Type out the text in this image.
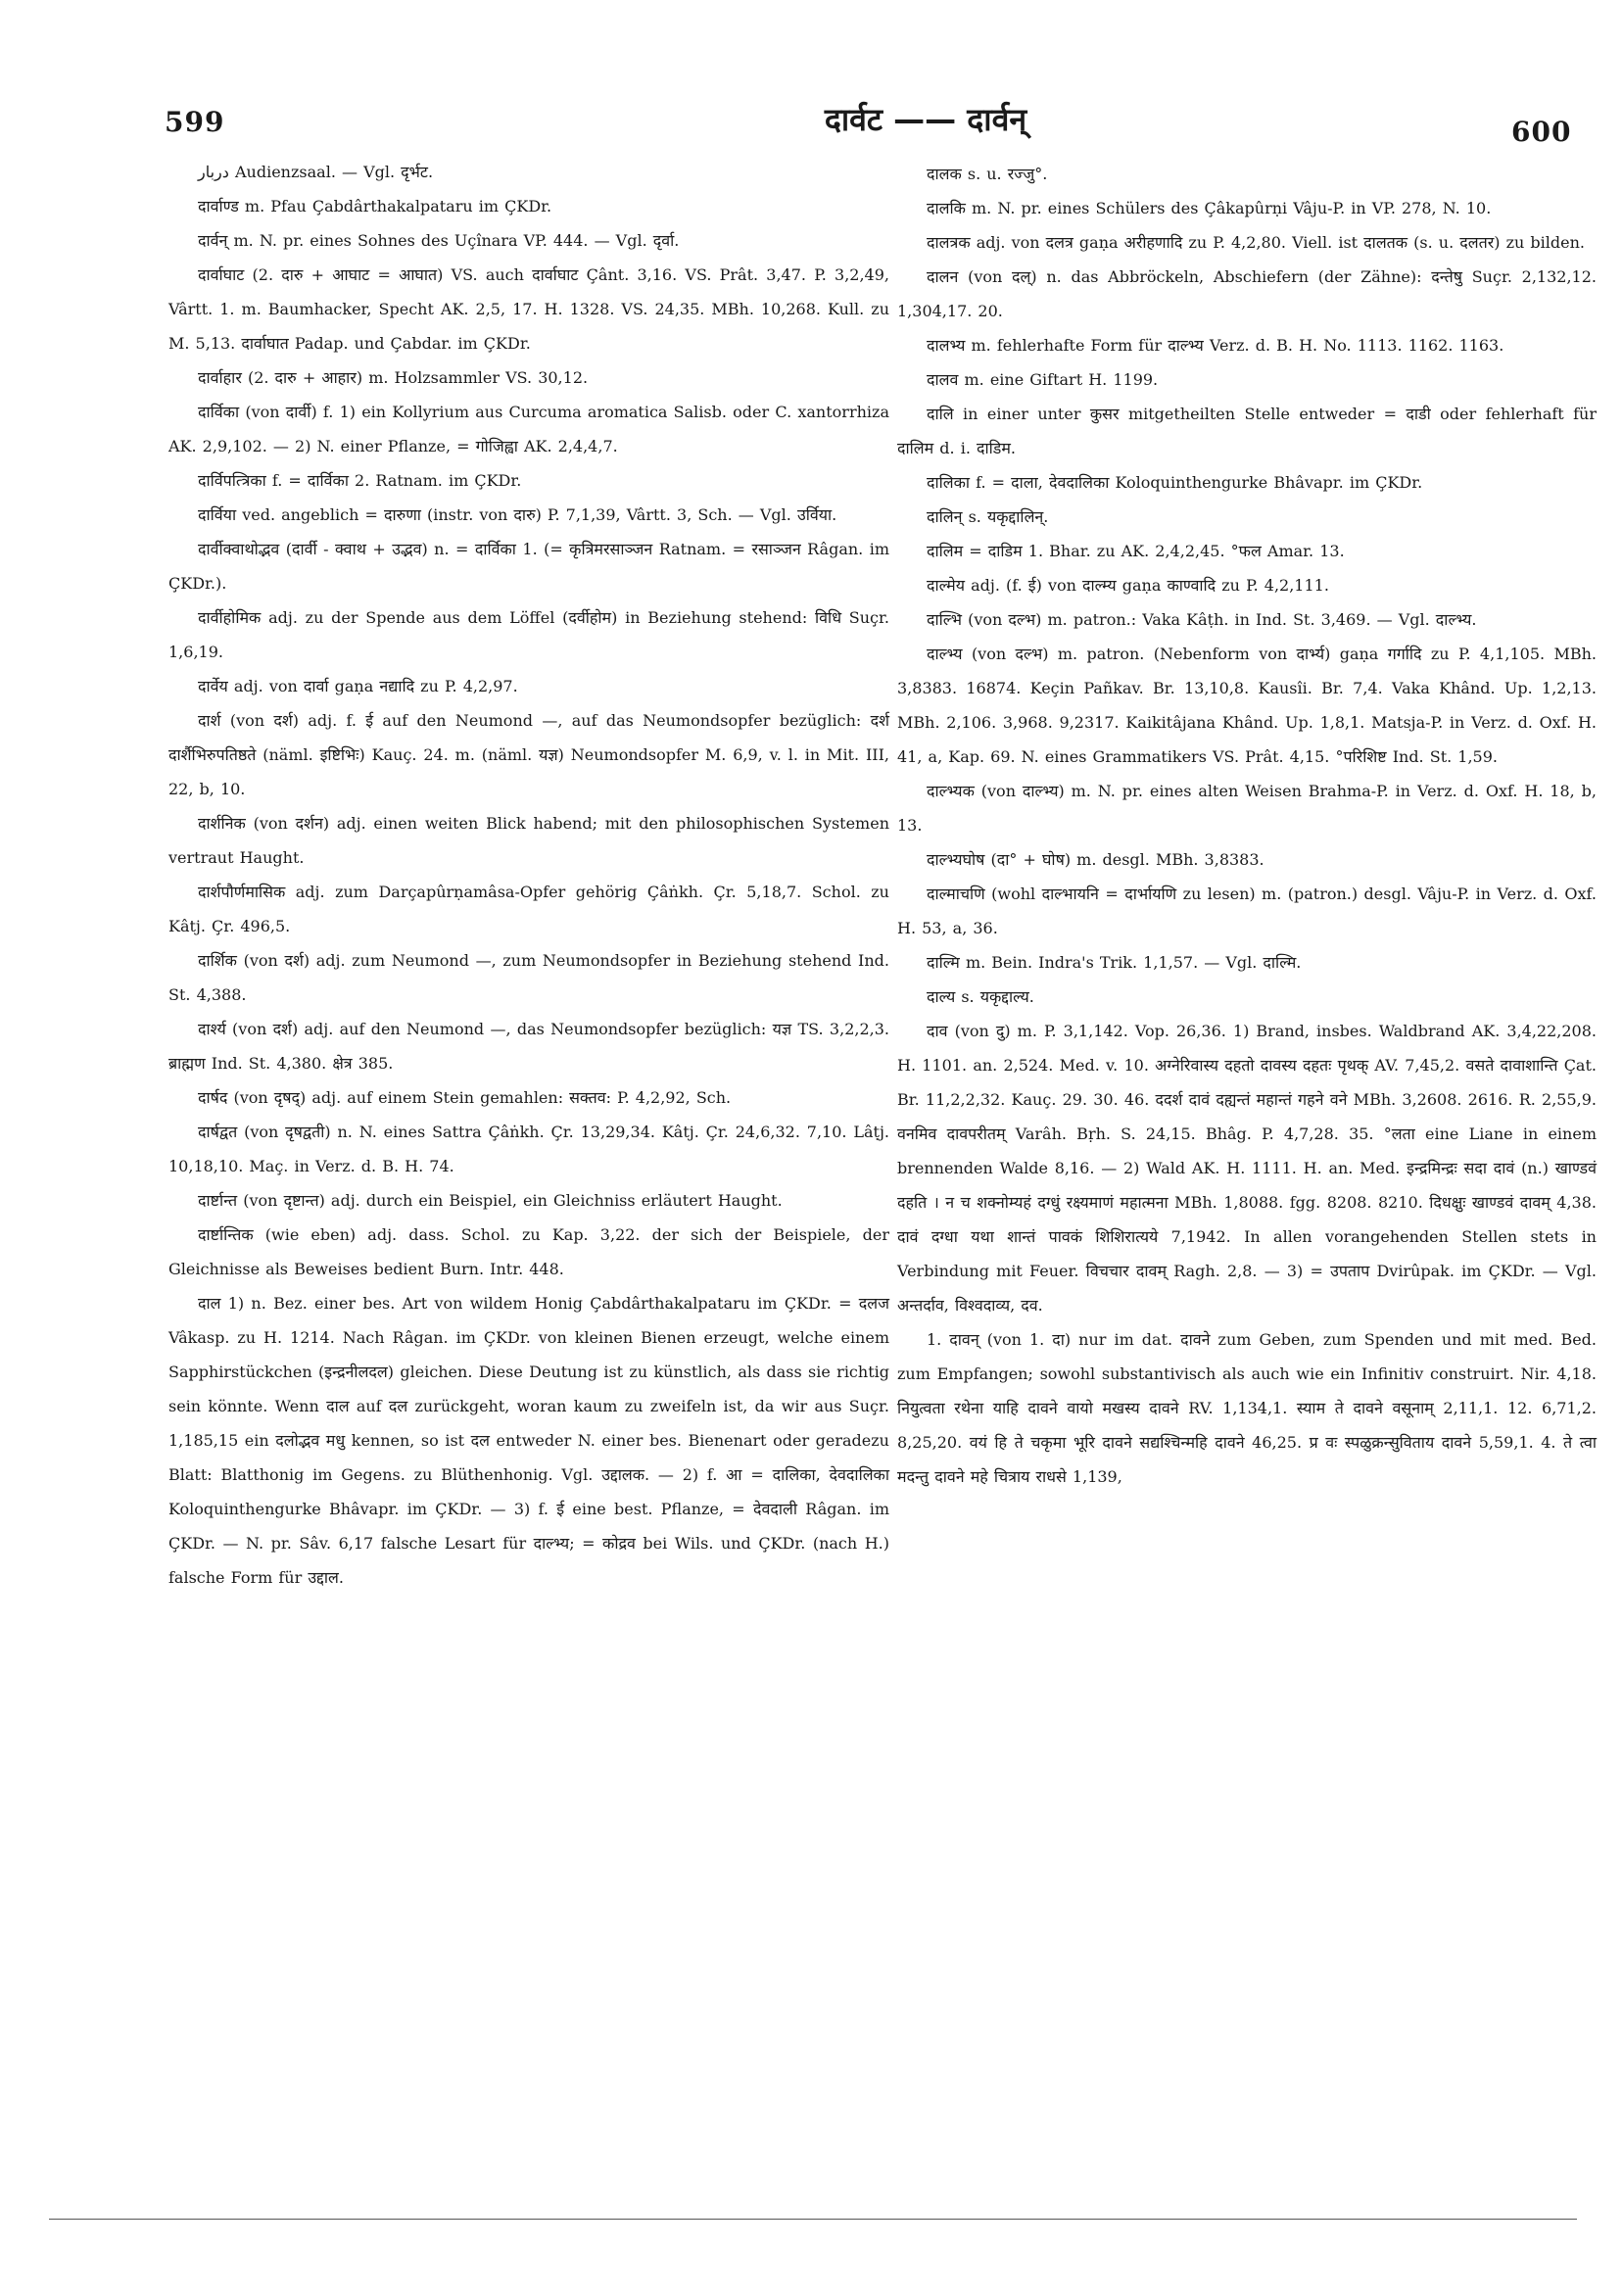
599	दार्वट —— दार्वन्	600

دربار Audienzsaal. — Vgl. दृर्भट.

दार्वाण्ड m. Pfau Çabdârthakalpataru im ÇKDr.

दार्वन् m. N. pr. eines Sohnes des Uçînara VP. 444. — Vgl. दृर्वा.

दार्वाघाट (2. दारु + आघाट = आघात) VS. auch दार्वाघाट Çânt. 3,16. VS. Prât. 3,47. P. 3,2,49, Vârtt. 1. m. Baumhacker, Specht AK. 2,5, 17. H. 1328. VS. 24,35. MBh. 10,268. Kull. zu M. 5,13. दार्वाघात Padap. und Çabdar. im ÇKDr.

दार्वाहार (2. दारु + आहार) m. Holzsammler VS. 30,12.

दार्विका (von दार्वी) f. 1) ein Kollyrium aus Curcuma aromatica Salisb. oder C. xantorrhiza AK. 2,9,102. — 2) N. einer Pflanze, = गोजिह्वा AK. 2,4,4,7.

दार्विपत्त्रिका f. = दार्विका 2. Ratnam. im ÇKDr.

दार्विया ved. angeblich = दारुणा (instr. von दारु) P. 7,1,39, Vârtt. 3, Sch. — Vgl. उर्विया.

दार्वीक्वाथोद्भव (दार्वी - क्वाथ + उद्भव) n. = दार्विका 1. (= कृत्रिमरसाञ्जन Ratnam. = रसाञ्जन Râgan. im ÇKDr.).

दार्वीहोमिक adj. zu der Spende aus dem Löffel (दर्वीहोम) in Beziehung stehend: विधि Suçr. 1,6,19.

दार्वेय adj. von दार्वा gaṇa नद्यादि zu P. 4,2,97.

दार्श (von दर्श) adj. f. ई auf den Neumond —, auf das Neumondsopfer bezüglich: दर्श दार्शैभिरुपतिष्ठते (näml. इष्टिभिः) Kauç. 24. m. (näml. यज्ञ) Neumondsopfer M. 6,9, v. l. in Mit. III, 22, b, 10.

दार्शनिक (von दर्शन) adj. einen weiten Blick habend; mit den philosophischen Systemen vertraut Haught.

दार्शपौर्णमासिक adj. zum Darçapûrṇamâsa-Opfer gehörig Çâṅkh. Çr. 5,18,7. Schol. zu Kâtj. Çr. 496,5.

दार्शिक (von दर्श) adj. zum Neumond —, zum Neumondsopfer in Beziehung stehend Ind. St. 4,388.

दार्श्य (von दर्श) adj. auf den Neumond —, das Neumondsopfer bezüglich: यज्ञ TS. 3,2,2,3. ब्राह्मण Ind. St. 4,380. क्षेत्र 385.

दार्षद (von दृषद्) adj. auf einem Stein gemahlen: सक्तव: P. 4,2,92, Sch.

दार्षद्वत (von दृषद्वती) n. N. eines Sattra Çâṅkh. Çr. 13,29,34. Kâtj. Çr. 24,6,32. 7,10. Lâṭj. 10,18,10. Maç. in Verz. d. B. H. 74.

दार्ष्टान्त (von दृष्टान्त) adj. durch ein Beispiel, ein Gleichniss erläutert Haught.

दार्ष्टान्तिक (wie eben) adj. dass. Schol. zu Kap. 3,22. der sich der Beispiele, der Gleichnisse als Beweises bedient Burn. Intr. 448.

दाल 1) n. Bez. einer bes. Art von wildem Honig Çabdârthakalpataru im ÇKDr. = दलज Vâkasp. zu H. 1214. Nach Râgan. im ÇKDr. von kleinen Bienen erzeugt, welche einem Sapphirstückchen (इन्द्रनीलदल) gleichen. Diese Deutung ist zu künstlich, als dass sie richtig sein könnte. Wenn दाल auf दल zurückgeht, woran kaum zu zweifeln ist, da wir aus Suçr. 1,185,15 ein दलोद्भव मधु kennen, so ist दल entweder N. einer bes. Bienenart oder geradezu Blatt: Blatthonig im Gegens. zu Blüthenhonig. Vgl. उद्दालक. — 2) f. आ = दालिका, देवदालिका Koloquinthengurke Bhâvapr. im ÇKDr. — 3) f. ई eine best. Pflanze, = देवदाली Râgan. im ÇKDr. — N. pr. Sâv. 6,17 falsche Lesart für दाल्भ्य; = कोद्रव bei Wils. und ÇKDr. (nach H.) falsche Form für उद्दाल.

दालक s. u. रज्जु°.

दालकि m. N. pr. eines Schülers des Çâkapûrṇi Vâju-P. in VP. 278, N. 10.

दालत्रक adj. von दलत्र gaṇa अरीहणादि zu P. 4,2,80. Viell. ist दालतक (s. u. दलतर) zu bilden.

दालन (von दल्) n. das Abbröckeln, Abschiefern (der Zähne): दन्तेषु Suçr. 2,132,12. 1,304,17. 20.

दालभ्य m. fehlerhafte Form für दाल्भ्य Verz. d. B. H. No. 1113. 1162. 1163.

दालव m. eine Giftart H. 1199.

दालि in einer unter कुसर mitgetheilten Stelle entweder = दाडी oder fehlerhaft für दालिम d. i. दाडिम.

दालिका f. = दाला, देवदालिका Koloquinthengurke Bhâvapr. im ÇKDr.

दालिन् s. यकृद्दालिन्.

दालिम = दाडिम 1. Bhar. zu AK. 2,4,2,45. °फल Amar. 13.

दाल्मेय adj. (f. ई) von दाल्म्य gaṇa काण्वादि zu P. 4,2,111.

दाल्भि (von दल्भ) m. patron.: Vaka Kâṭh. in Ind. St. 3,469. — Vgl. दाल्भ्य.

दाल्भ्य (von दल्भ) m. patron. (Nebenform von दार्भ्य) gaṇa गर्गादि zu P. 4,1,105. MBh. 3,8383. 16874. Keçin Pañkav. Br. 13,10,8. Kausîi. Br. 7,4. Vaka Khând. Up. 1,2,13. MBh. 2,106. 3,968. 9,2317. Kaikitâjana Khând. Up. 1,8,1. Matsja-P. in Verz. d. Oxf. H. 41, a, Kap. 69. N. eines Grammatikers VS. Prât. 4,15. °परिशिष्ट Ind. St. 1,59.

दाल्भ्यक (von दाल्भ्य) m. N. pr. eines alten Weisen Brahma-P. in Verz. d. Oxf. H. 18, b, 13.

दाल्भ्यघोष (दा° + घोष) m. desgl. MBh. 3,8383.

दाल्माचणि (wohl दाल्भायनि = दार्भायणि zu lesen) m. (patron.) desgl. Vâju-P. in Verz. d. Oxf. H. 53, a, 36.

दाल्मि m. Bein. Indra's Trik. 1,1,57. — Vgl. दाल्मि.

दाल्य s. यकृद्दाल्य.

दाव (von दु) m. P. 3,1,142. Vop. 26,36. 1) Brand, insbes. Waldbrand AK. 3,4,22,208. H. 1101. an. 2,524. Med. v. 10. अग्नेरिवास्य दहतो दावस्य दहतः पृथक् AV. 7,45,2. वसते दावाशान्ति Çat. Br. 11,2,2,32. Kauç. 29. 30. 46. ददर्श दावं दह्यन्तं महान्तं गहने वने MBh. 3,2608. 2616. R. 2,55,9. वनमिव दावपरीतम् Varâh. Bṛh. S. 24,15. Bhâg. P. 4,7,28. 35. °लता eine Liane in einem brennenden Walde 8,16. — 2) Wald AK. H. 1111. H. an. Med. इन्द्रमिन्द्रः सदा दावं (n.) खाण्डवं दहति । न च शक्नोम्यहं दग्धुं रक्ष्यमाणं महात्मना MBh. 1,8088. fgg. 8208. 8210. दिधक्षुः खाण्डवं दावम् 4,38. दावं दग्धा यथा शान्तं पावकं शिशिरात्यये 7,1942. In allen vorangehenden Stellen stets in Verbindung mit Feuer. विचचार दावम् Ragh. 2,8. — 3) = उपताप Dvirûpak. im ÇKDr. — Vgl. अन्तर्दाव, विश्वदाव्य, दव.

1. दावन् (von 1. दा) nur im dat. दावने zum Geben, zum Spenden und mit med. Bed. zum Empfangen; sowohl substantivisch als auch wie ein Infinitiv construirt. Nir. 4,18. नियुत्वता रथेना याहि दावने वायो मखस्य दावने RV. 1,134,1. स्याम ते दावने वसूनाम् 2,11,1. 12. 6,71,2. 8,25,20. वयं हि ते चकृमा भूरि दावने सद्यश्चिन्महि दावने 46,25. प्र वः स्पळुक्रन्सुविताय दावने 5,59,1. 4. ते त्वा मदन्तु दावने महे चित्राय राधसे 1,139,
